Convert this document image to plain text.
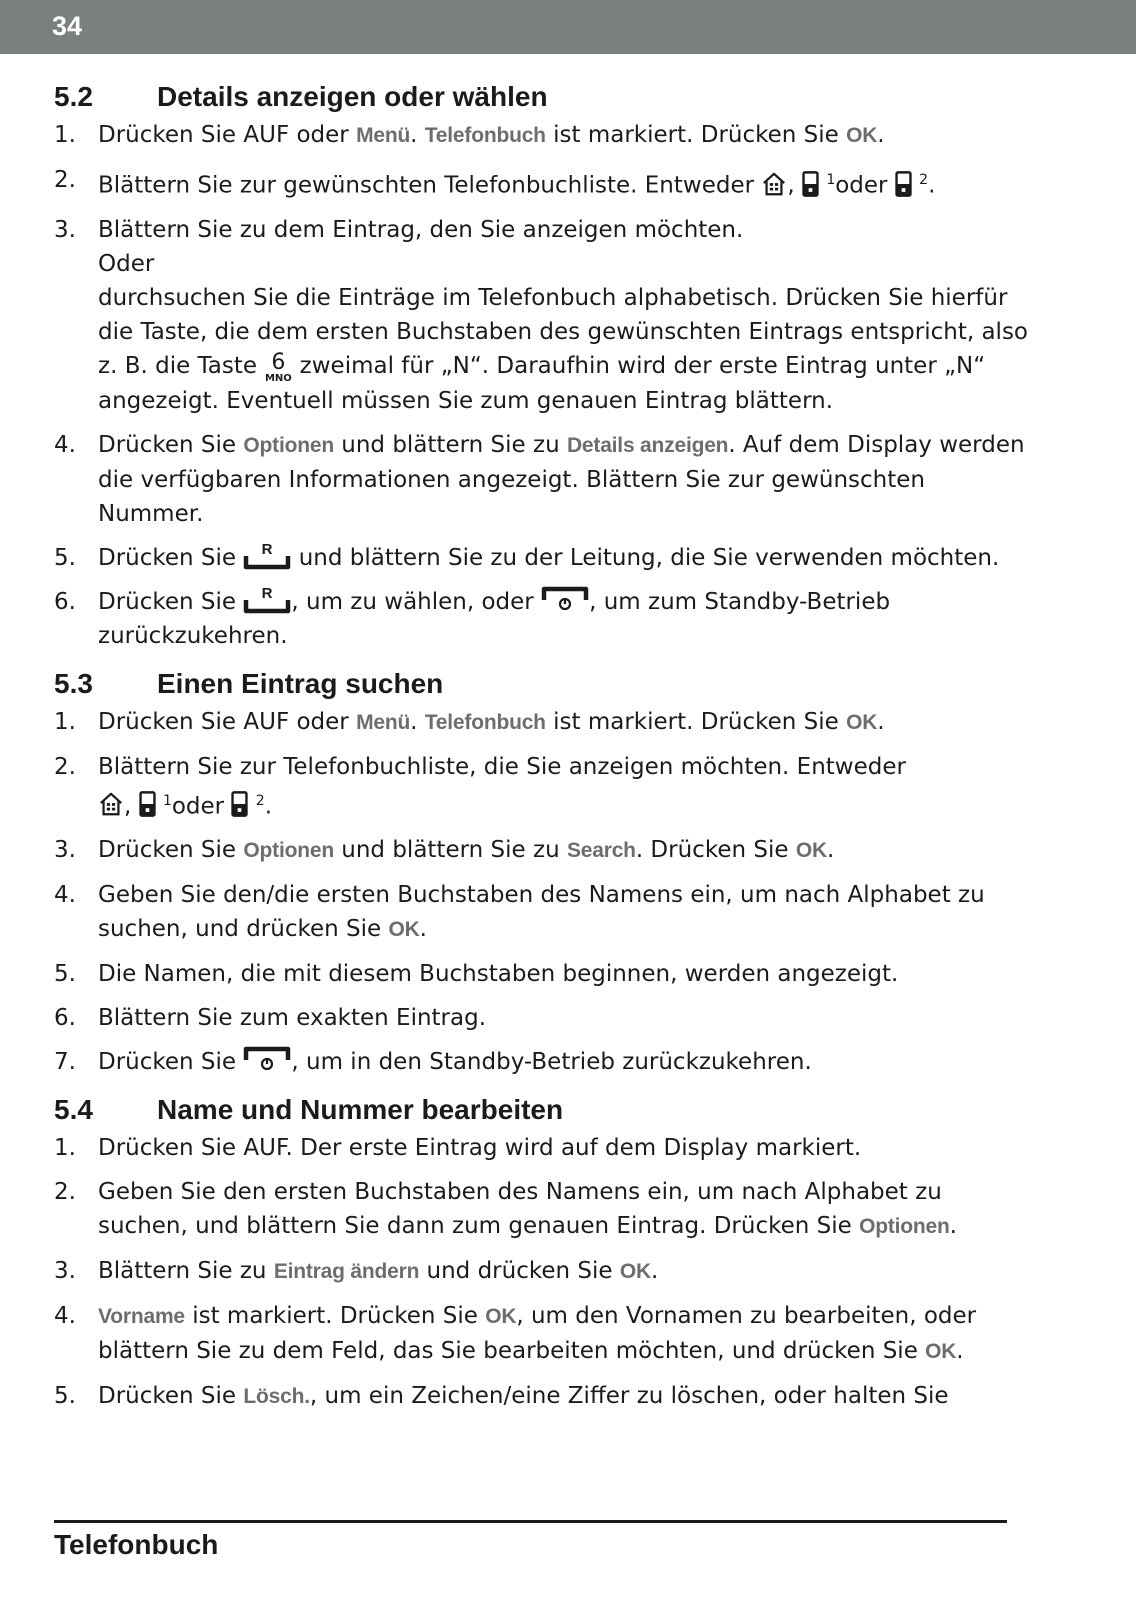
34
5.2	Details anzeigen oder wählen
1. Drücken Sie AUF oder Menü. Telefonbuch ist markiert. Drücken Sie OK.
2. Blättern Sie zur gewünschten Telefonbuchliste. Entweder , $^1$oder $^2$.
3. Blättern Sie zu dem Eintrag, den Sie anzeigen möchten.
Oder
durchsuchen Sie die Einträge im Telefonbuch alphabetisch. Drücken Sie hierfür die Taste, die dem ersten Buchstaben des gewünschten Eintrags entspricht, also z. B. die Taste 6
MNO zweimal für „N“. Daraufhin wird der erste Eintrag unter „N“ angezeigt. Eventuell müssen Sie zum genauen Eintrag blättern.
4. Drücken Sie Optionen und blättern Sie zu Details anzeigen. Auf dem Display werden die verfügbaren Informationen angezeigt. Blättern Sie zur gewünschten Nummer.
5. Drücken Sie  und blättern Sie zu der Leitung, die Sie verwenden möchten.
6. Drücken Sie , um zu wählen, oder , um zum Standby-Betrieb zurückzukehren.
5.3	Einen Eintrag suchen
1. Drücken Sie AUF oder Menü. Telefonbuch ist markiert. Drücken Sie OK.
2. Blättern Sie zur Telefonbuchliste, die Sie anzeigen möchten. Entweder
, $^1$oder $^2$.
3. Drücken Sie Optionen und blättern Sie zu Search. Drücken Sie OK.
4. Geben Sie den/die ersten Buchstaben des Namens ein, um nach Alphabet zu suchen, und drücken Sie OK.
5. Die Namen, die mit diesem Buchstaben beginnen, werden angezeigt.
6. Blättern Sie zum exakten Eintrag.
7. Drücken Sie , um in den Standby-Betrieb zurückzukehren.
5.4	Name und Nummer bearbeiten
1. Drücken Sie AUF. Der erste Eintrag wird auf dem Display markiert.
2. Geben Sie den ersten Buchstaben des Namens ein, um nach Alphabet zu suchen, und blättern Sie dann zum genauen Eintrag. Drücken Sie Optionen.
3. Blättern Sie zu Eintrag ändern und drücken Sie OK.
4. Vorname ist markiert. Drücken Sie OK, um den Vornamen zu bearbeiten, oder blättern Sie zu dem Feld, das Sie bearbeiten möchten, und drücken Sie OK.
5. Drücken Sie Lösch., um ein Zeichen/eine Ziffer zu löschen, oder halten Sie
Telefonbuch
